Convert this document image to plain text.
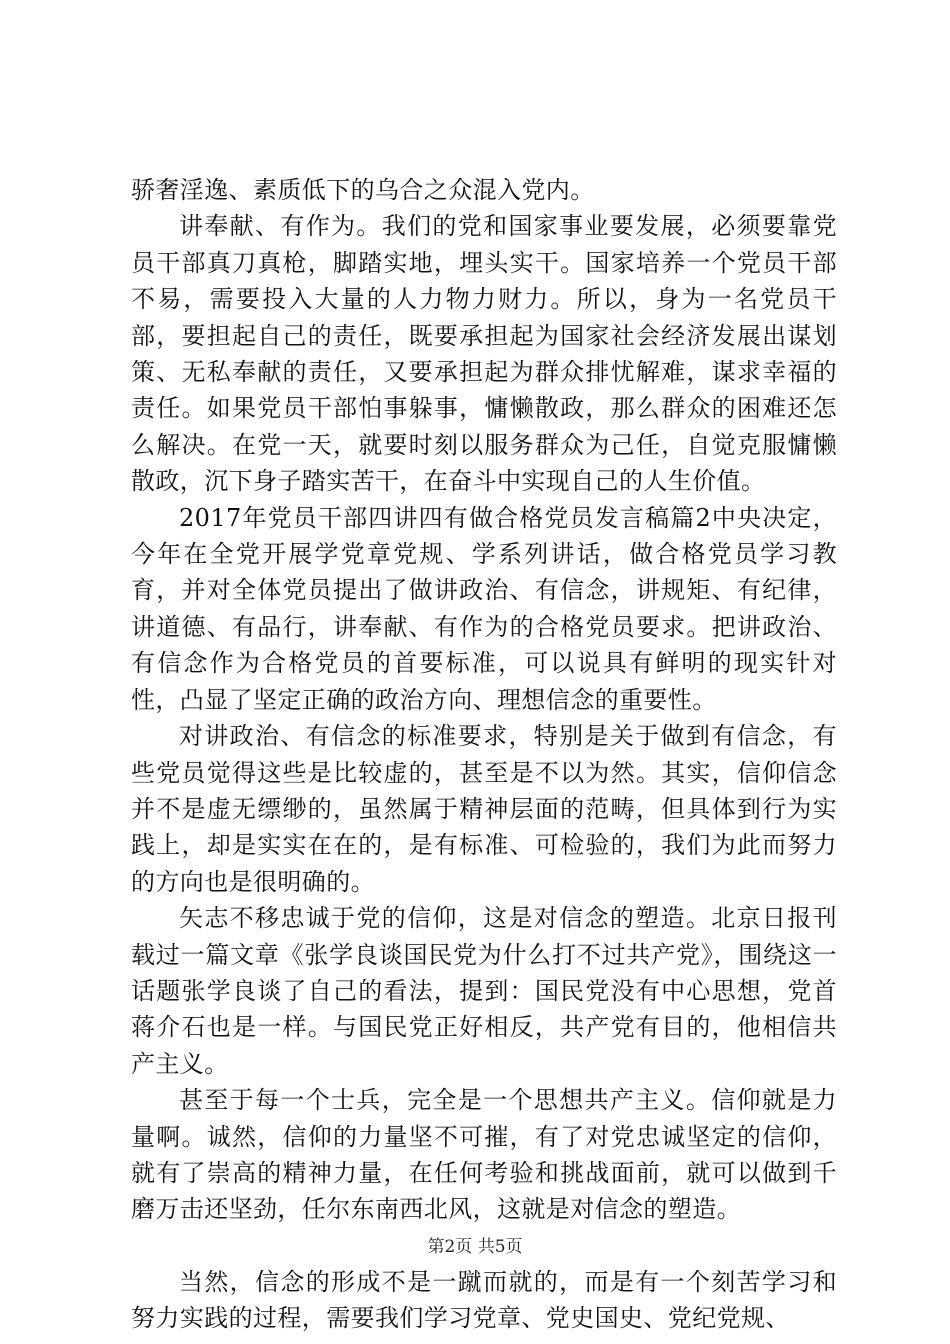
骄奢淫逸、素质低下的乌合之众混入党内。

讲奉献、有作为。我们的党和国家事业要发展，必须要靠党员干部真刀真枪，脚踏实地，埋头实干。国家培养一个党员干部不易，需要投入大量的人力物力财力。所以，身为一名党员干部，要担起自己的责任，既要承担起为国家社会经济发展出谋划策、无私奉献的责任，又要承担起为群众排忧解难，谋求幸福的责任。如果党员干部怕事躲事，慵懒散政，那么群众的困难还怎么解决。在党一天，就要时刻以服务群众为己任，自觉克服慵懒散政，沉下身子踏实苦干，在奋斗中实现自己的人生价值。

2017年党员干部四讲四有做合格党员发言稿篇2中央决定，今年在全党开展学党章党规、学系列讲话，做合格党员学习教育，并对全体党员提出了做讲政治、有信念，讲规矩、有纪律，讲道德、有品行，讲奉献、有作为的合格党员要求。把讲政治、有信念作为合格党员的首要标准，可以说具有鲜明的现实针对性，凸显了坚定正确的政治方向、理想信念的重要性。

对讲政治、有信念的标准要求，特别是关于做到有信念，有些党员觉得这些是比较虚的，甚至是不以为然。其实，信仰信念并不是虚无缥缈的，虽然属于精神层面的范畴，但具体到行为实践上，却是实实在在的，是有标准、可检验的，我们为此而努力的方向也是很明确的。

矢志不移忠诚于党的信仰，这是对信念的塑造。北京日报刊载过一篇文章《张学良谈国民党为什么打不过共产党》，围绕这一话题张学良谈了自己的看法，提到：国民党没有中心思想，党首蒋介石也是一样。与国民党正好相反，共产党有目的，他相信共产主义。

甚至于每一个士兵，完全是一个思想共产主义。信仰就是力量啊。诚然，信仰的力量坚不可摧，有了对党忠诚坚定的信仰，就有了崇高的精神力量，在任何考验和挑战面前，就可以做到千磨万击还坚劲，任尔东南西北风，这就是对信念的塑造。

当然，信念的形成不是一蹴而就的，而是有一个刻苦学习和努力实践的过程，需要我们学习党章、党史国史、党纪党规、

第2页 共5页
